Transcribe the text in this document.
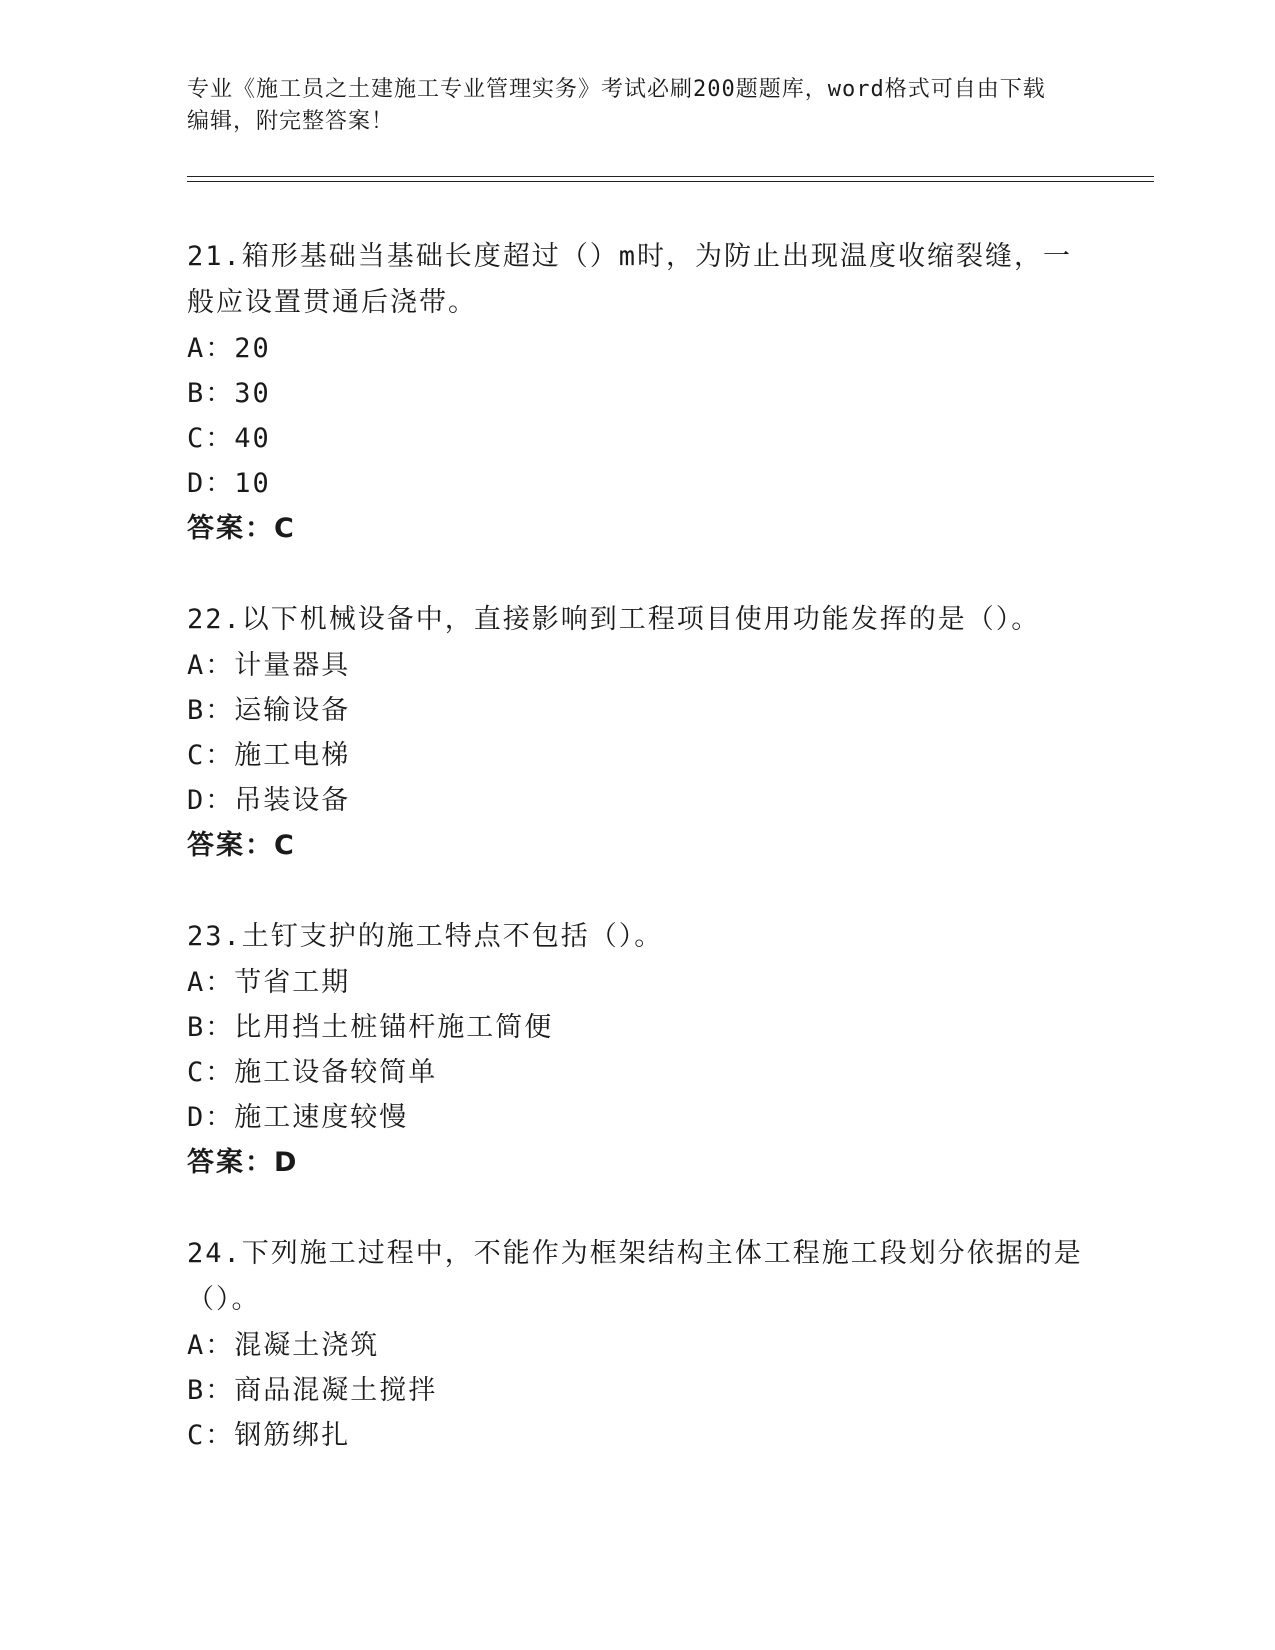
专业《施工员之土建施工专业管理实务》考试必刷200题题库，word格式可自由下载编辑，附完整答案！

21.箱形基础当基础长度超过（）m时，为防止出现温度收缩裂缝，一般应设置贯通后浇带。

A：20
B：30
C：40
D：10
答案：C

22.以下机械设备中，直接影响到工程项目使用功能发挥的是（）。

A：计量器具
B：运输设备
C：施工电梯
D：吊装设备
答案：C

23.土钉支护的施工特点不包括（）。

A：节省工期
B：比用挡土桩锚杆施工简便
C：施工设备较简单
D：施工速度较慢
答案：D

24.下列施工过程中，不能作为框架结构主体工程施工段划分依据的是（）。

A：混凝土浇筑
B：商品混凝土搅拌
C：钢筋绑扎
